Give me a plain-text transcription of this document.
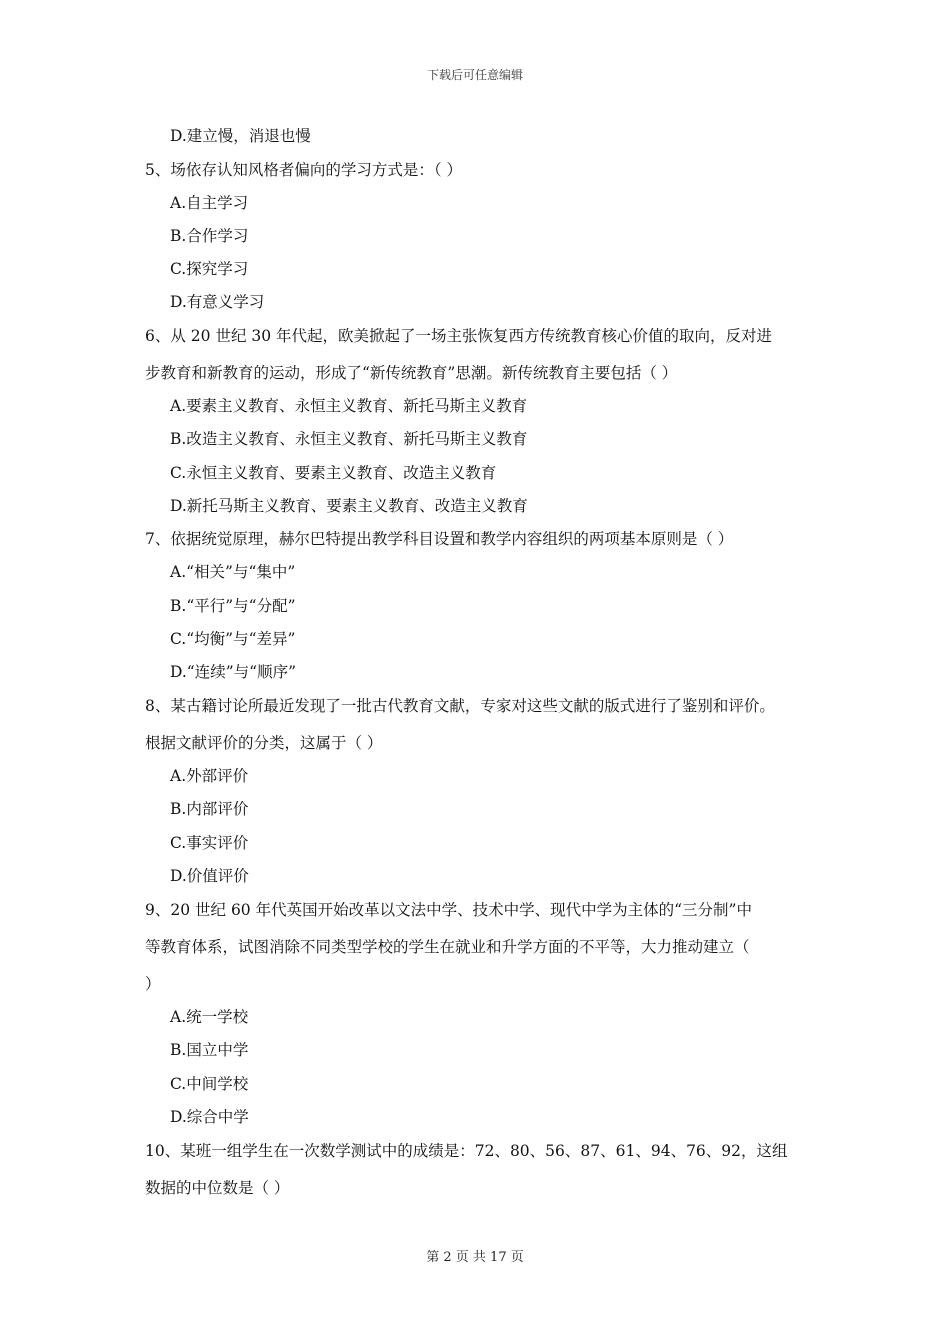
下载后可任意编辑
D.建立慢，消退也慢
5、场依存认知风格者偏向的学习方式是：（ ）
A.自主学习
B.合作学习
C.探究学习
D.有意义学习
6、从 20 世纪 30 年代起，欧美掀起了一场主张恢复西方传统教育核心价值的取向，反对进
步教育和新教育的运动，形成了“新传统教育”思潮。新传统教育主要包括（ ）
A.要素主义教育、永恒主义教育、新托马斯主义教育
B.改造主义教育、永恒主义教育、新托马斯主义教育
C.永恒主义教育、要素主义教育、改造主义教育
D.新托马斯主义教育、要素主义教育、改造主义教育
7、依据统觉原理，赫尔巴特提出教学科目设置和教学内容组织的两项基本原则是（ ）
A.“相关”与“集中”
B.“平行”与“分配”
C.“均衡”与“差异”
D.“连续”与“顺序”
8、某古籍讨论所最近发现了一批古代教育文献，专家对这些文献的版式进行了鉴别和评价。
根据文献评价的分类，这属于（ ）
A.外部评价
B.内部评价
C.事实评价
D.价值评价
9、20 世纪 60 年代英国开始改革以文法中学、技术中学、现代中学为主体的“三分制”中
等教育体系，试图消除不同类型学校的学生在就业和升学方面的不平等，大力推动建立（
）
A.统一学校
B.国立中学
C.中间学校
D.综合中学
10、某班一组学生在一次数学测试中的成绩是：72、80、56、87、61、94、76、92，这组
数据的中位数是（ ）
第 2 页 共 17 页
